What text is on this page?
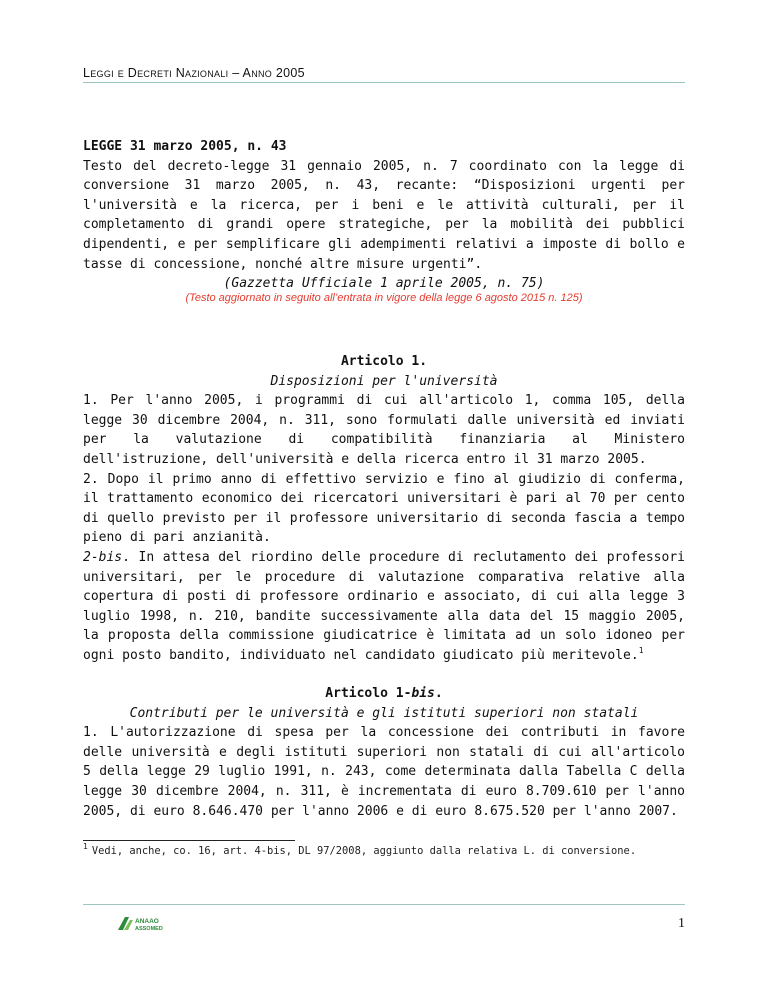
Leggi e Decreti Nazionali – Anno 2005

LEGGE 31 marzo 2005, n. 43

Testo del decreto-legge 31 gennaio 2005, n. 7 coordinato con la legge di conversione 31 marzo 2005, n. 43, recante: “Disposizioni urgenti per l'università e la ricerca, per i beni e le attività culturali, per il completamento di grandi opere strategiche, per la mobilità dei pubblici dipendenti, e per semplificare gli adempimenti relativi a imposte di bollo e tasse di concessione, nonché altre misure urgenti”.

(Gazzetta Ufficiale 1 aprile 2005, n. 75)

(Testo aggiornato in seguito all’entrata in vigore della legge 6 agosto 2015 n. 125)

Articolo 1.

Disposizioni per l'università

1. Per l'anno 2005, i programmi di cui all'articolo 1, comma 105, della legge 30 dicembre 2004, n. 311, sono formulati dalle università ed inviati per la valutazione di compatibilità finanziaria al Ministero dell'istruzione, dell'università e della ricerca entro il 31 marzo 2005.

2. Dopo il primo anno di effettivo servizio e fino al giudizio di conferma, il trattamento economico dei ricercatori universitari è pari al 70 per cento di quello previsto per il professore universitario di seconda fascia a tempo pieno di pari anzianità.

2-bis. In attesa del riordino delle procedure di reclutamento dei professori universitari, per le procedure di valutazione comparativa relative alla copertura di posti di professore ordinario e associato, di cui alla legge 3 luglio 1998, n. 210, bandite successivamente alla data del 15 maggio 2005, la proposta della commissione giudicatrice è limitata ad un solo idoneo per ogni posto bandito, individuato nel candidato giudicato più meritevole.$^1$

Articolo 1-bis.

Contributi per le università e gli istituti superiori non statali

1. L'autorizzazione di spesa per la concessione dei contributi in favore delle università e degli istituti superiori non statali di cui all'articolo 5 della legge 29 luglio 1991, n. 243, come determinata dalla Tabella C della legge 30 dicembre 2004, n. 311, è incrementata di euro 8.709.610 per l'anno 2005, di euro 8.646.470 per l'anno 2006 e di euro 8.675.520 per l'anno 2007.

$^1$ Vedi, anche, co. 16, art. 4-bis, DL 97/2008, aggiunto dalla relativa L. di conversione.
ANAAO
ASSOMED	1
